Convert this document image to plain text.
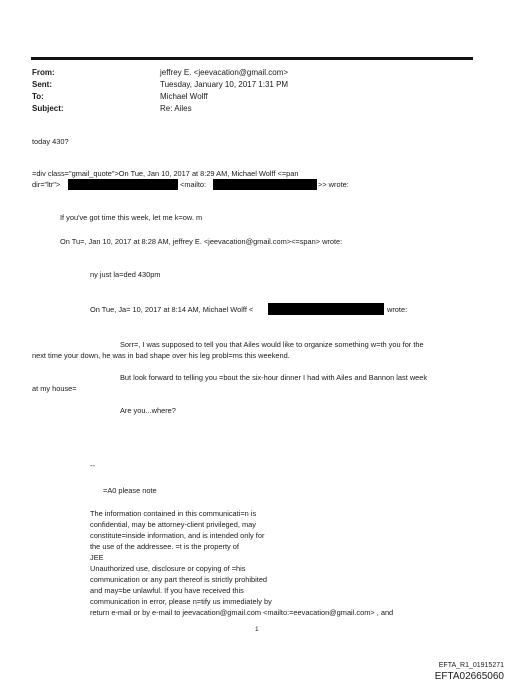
From:	jeffrey E. <jeevacation@gmail.com>
Sent:	Tuesday, January 10, 2017 1:31 PM
To:	Michael Wolff
Subject:	Re: Ailes
today 430?
=div class="gmail_quote">On Tue, Jan 10, 2017 at 8:29 AM, Michael Wolff <=pan
dir="ltr">	<mailto:	>> wrote:
If you've got time this week, let me k=ow. m
On Tu=, Jan 10, 2017 at 8:28 AM, jeffrey E. <jeevacation@gmail.com><=span> wrote:
ny just la=ded 430pm
On Tue, Ja= 10, 2017 at 8:14 AM, Michael Wolff <	wrote:
Sorr=, I was supposed to tell you that Ailes would like to organize something w=th you for the
next time your down, he was in bad shape over his leg probl=ms this weekend.
But look forward to telling you =bout the six-hour dinner I had with Ailes and Bannon last week
at my house=
Are you...where?
--
=A0 please note
The information contained in this communicati=n is
confidential, may be attorney-client privileged, may
constitute=inside information, and is intended only for
the use of the addressee. =t is the property of
JEE
Unauthorized use, disclosure or copying of =his
communication or any part thereof is strictly prohibited
and may=be unlawful. If you have received this
communication in error, please n=tify us immediately by
return e-mail or by e-mail to jeevacation@gmail.com <mailto:=eevacation@gmail.com> , and
1
EFTA_R1_01915271
EFTA02665060
